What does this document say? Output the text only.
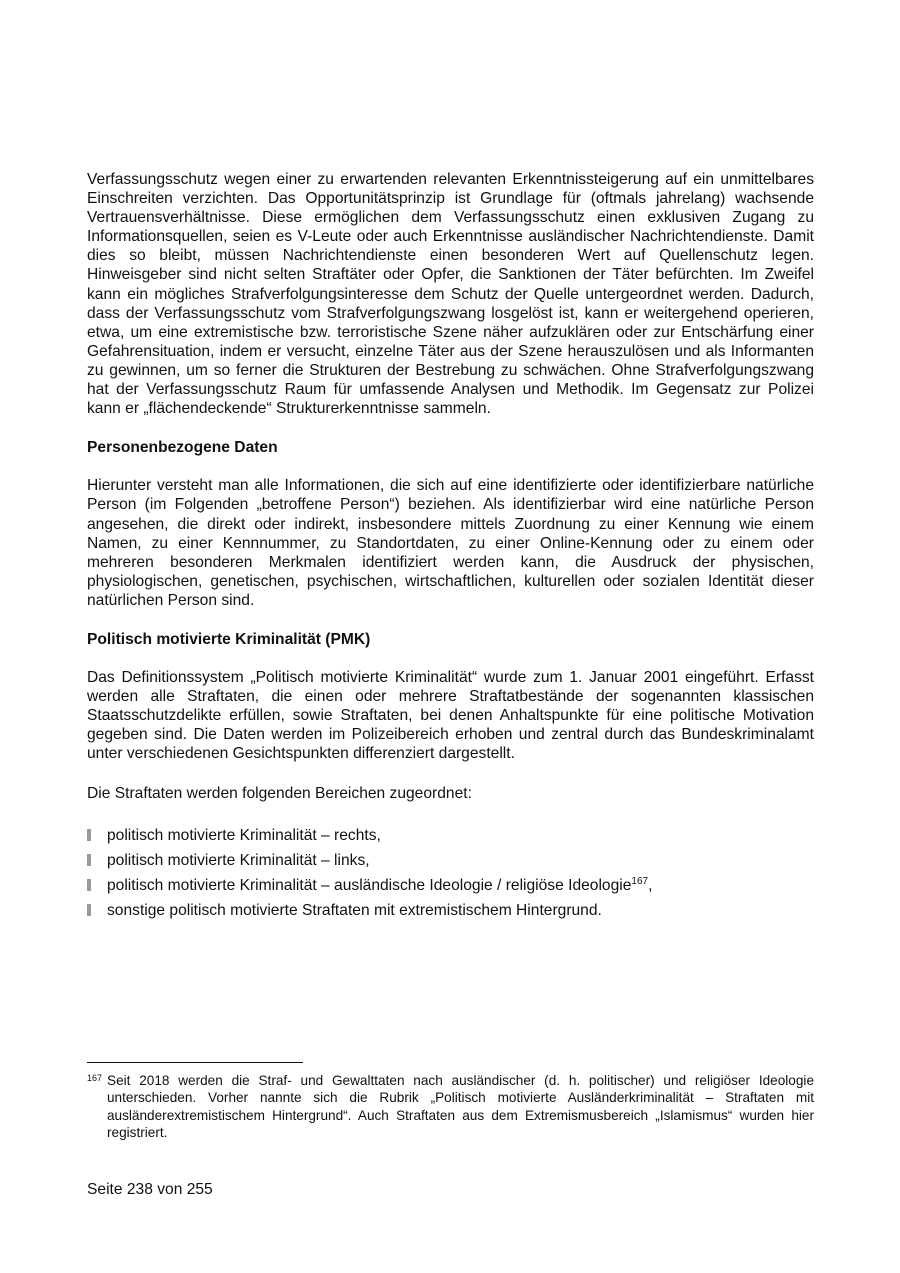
Verfassungsschutz wegen einer zu erwartenden relevanten Erkenntnissteigerung auf ein unmittelbares Einschreiten verzichten. Das Opportunitätsprinzip ist Grundlage für (oftmals jahrelang) wachsende Vertrauensverhältnisse. Diese ermöglichen dem Verfassungsschutz einen exklusiven Zugang zu Informationsquellen, seien es V-Leute oder auch Erkenntnisse ausländischer Nachrichtendienste. Damit dies so bleibt, müssen Nachrichtendienste einen besonderen Wert auf Quellenschutz legen. Hinweisgeber sind nicht selten Straftäter oder Opfer, die Sanktionen der Täter befürchten. Im Zweifel kann ein mögliches Strafverfolgungsinteresse dem Schutz der Quelle untergeordnet werden. Dadurch, dass der Verfassungsschutz vom Strafverfolgungszwang losgelöst ist, kann er weitergehend operieren, etwa, um eine extremistische bzw. terroristische Szene näher aufzuklären oder zur Entschärfung einer Gefahrensituation, indem er versucht, einzelne Täter aus der Szene herauszulösen und als Informanten zu gewinnen, um so ferner die Strukturen der Bestrebung zu schwächen. Ohne Strafverfolgungszwang hat der Verfassungsschutz Raum für umfassende Analysen und Methodik. Im Gegensatz zur Polizei kann er „flächendeckende“ Strukturerkenntnisse sammeln.

Personenbezogene Daten

Hierunter versteht man alle Informationen, die sich auf eine identifizierte oder identifizierbare natürliche Person (im Folgenden „betroffene Person“) beziehen. Als identifizierbar wird eine natürliche Person angesehen, die direkt oder indirekt, insbesondere mittels Zuordnung zu einer Kennung wie einem Namen, zu einer Kennnummer, zu Standortdaten, zu einer Online-Kennung oder zu einem oder mehreren besonderen Merkmalen identifiziert werden kann, die Ausdruck der physischen, physiologischen, genetischen, psychischen, wirtschaftlichen, kulturellen oder sozialen Identität dieser natürlichen Person sind.

Politisch motivierte Kriminalität (PMK)

Das Definitionssystem „Politisch motivierte Kriminalität“ wurde zum 1. Januar 2001 eingeführt. Erfasst werden alle Straftaten, die einen oder mehrere Straftatbestände der sogenannten klassischen Staatsschutzdelikte erfüllen, sowie Straftaten, bei denen Anhaltspunkte für eine politische Motivation gegeben sind. Die Daten werden im Polizeibereich erhoben und zentral durch das Bundeskriminalamt unter verschiedenen Gesichtspunkten differenziert dargestellt.

Die Straftaten werden folgenden Bereichen zugeordnet:

politisch motivierte Kriminalität – rechts,
politisch motivierte Kriminalität – links,
politisch motivierte Kriminalität – ausländische Ideologie / religiöse Ideologie$^{167}$,
sonstige politisch motivierte Straftaten mit extremistischem Hintergrund.
167 Seit 2018 werden die Straf- und Gewalttaten nach ausländischer (d. h. politischer) und religiöser Ideologie unterschieden. Vorher nannte sich die Rubrik „Politisch motivierte Ausländerkriminalität – Straftaten mit ausländerextremistischem Hintergrund“. Auch Straftaten aus dem Extremismusbereich „Islamismus“ wurden hier registriert.
Seite 238 von 255
